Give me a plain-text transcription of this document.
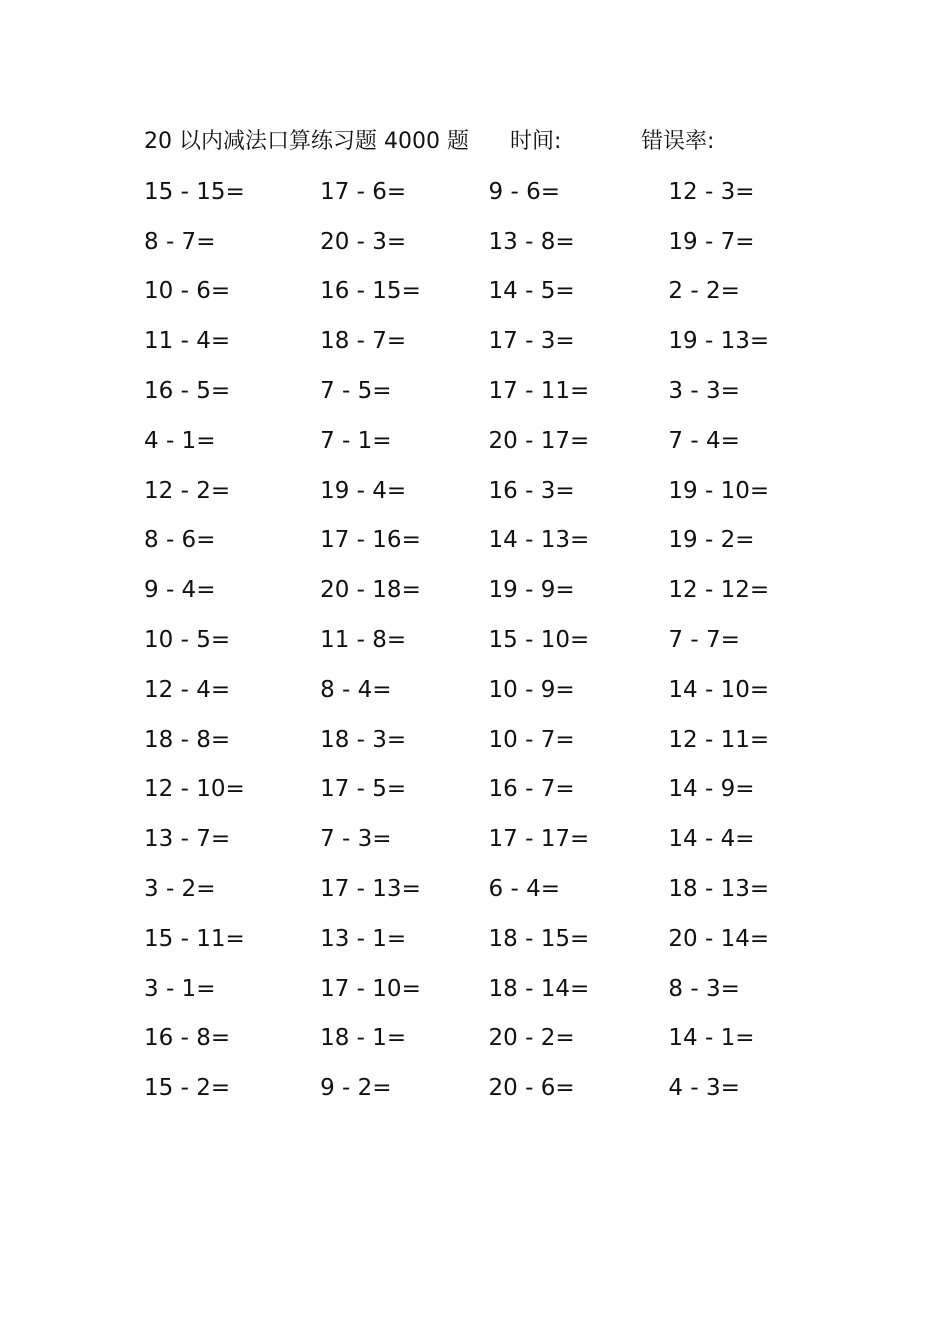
20 以内减法口算练习题 4000 题 时间:	错误率:
15 - 15=	17 - 6=	9 - 6=	12 - 3=
8 - 7=	20 - 3=	13 - 8=	19 - 7=
10 - 6=	16 - 15=	14 - 5=	2 - 2=
11 - 4=	18 - 7=	17 - 3=	19 - 13=
16 - 5=	7 - 5=	17 - 11=	3 - 3=
4 - 1=	7 - 1=	20 - 17=	7 - 4=
12 - 2=	19 - 4=	16 - 3=	19 - 10=
8 - 6=	17 - 16=	14 - 13=	19 - 2=
9 - 4=	20 - 18=	19 - 9=	12 - 12=
10 - 5=	11 - 8=	15 - 10=	7 - 7=
12 - 4=	8 - 4=	10 - 9=	14 - 10=
18 - 8=	18 - 3=	10 - 7=	12 - 11=
12 - 10=	17 - 5=	16 - 7=	14 - 9=
13 - 7=	7 - 3=	17 - 17=	14 - 4=
3 - 2=	17 - 13=	6 - 4=	18 - 13=
15 - 11=	13 - 1=	18 - 15=	20 - 14=
3 - 1=	17 - 10=	18 - 14=	8 - 3=
16 - 8=	18 - 1=	20 - 2=	14 - 1=
15 - 2=	9 - 2=	20 - 6=	4 - 3=
